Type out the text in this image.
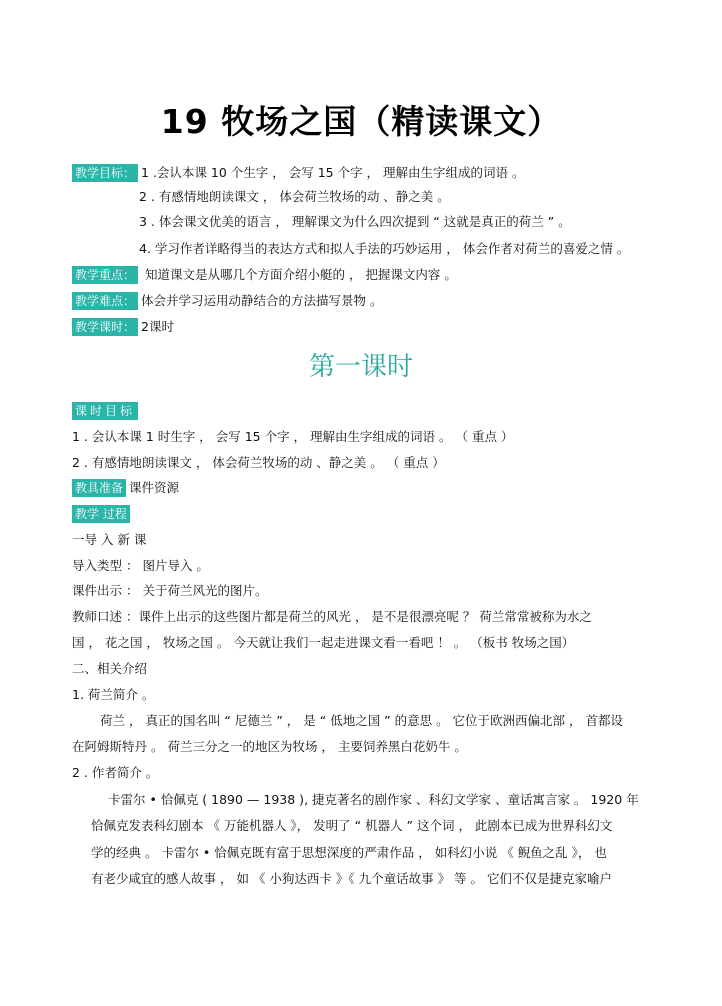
19 牧场之国（精读课文）
教学目标： 1 .会认本课 10 个生字 ， 会写 15 个字 ， 理解由生字组成的词语 。
2 . 有感情地朗读课文 ， 体会荷兰牧场的动 、静之美 。
3 . 体会课文优美的语言 ， 理解课文为什么四次提到 “ 这就是真正的荷兰 ” 。
4. 学习作者详略得当的表达方式和拟人手法的巧妙运用 ， 体会作者对荷兰的喜爱之情 。
教学重点： 知道课文是从哪几个方面介绍小艇的 ， 把握课文内容 。
教学难点： 体会并学习运用动静结合的方法描写景物 。
教学课时： 2课时
第一课时
课时目标
1 . 会认本课 1 时生字 ， 会写 15 个字 ， 理解由生字组成的词语 。 （ 重点 ）
2 . 有感情地朗读课文 ， 体会荷兰牧场的动 、静之美 。 （ 重点 ）
教具准备 课件资源
教学 过程
一导 入 新 课
导入类型 ： 图片导入 。
课件出示 ： 关于荷兰风光的图片。
教师口述 ：课件上出示的这些图片都是荷兰的风光 ， 是不是很漂亮呢 ？ 荷兰常常被称为水之
国 ， 花之国 ， 牧场之国 。 今天就让我们一起走进课文看一看吧 ！ 。 （板书 牧场之国）
二、相关介绍
1. 荷兰简介 。
荷兰 ， 真正的国名叫 “ 尼德兰 ” ， 是 “ 低地之国 ” 的意思 。 它位于欧洲西偏北部 ， 首都设
在阿姆斯特丹 。 荷兰三分之一的地区为牧场 ， 主要饲养黑白花奶牛 。
2 . 作者简介 。
卡雷尔 • 恰佩克 ( 1890 — 1938 ), 捷克著名的剧作家 、科幻文学家 、童话寓言家 。 1920 年
恰佩克发表科幻剧本 《 万能机器人 》， 发明了 “ 机器人 ” 这个词 ， 此剧本已成为世界科幻文
学的经典 。 卡雷尔 • 恰佩克既有富于思想深度的严肃作品 ， 如科幻小说 《 鲵鱼之乱 》， 也
有老少咸宜的感人故事 ， 如 《 小狗达西卡 》《 九个童话故事 》 等 。 它们不仅是捷克家喻户
